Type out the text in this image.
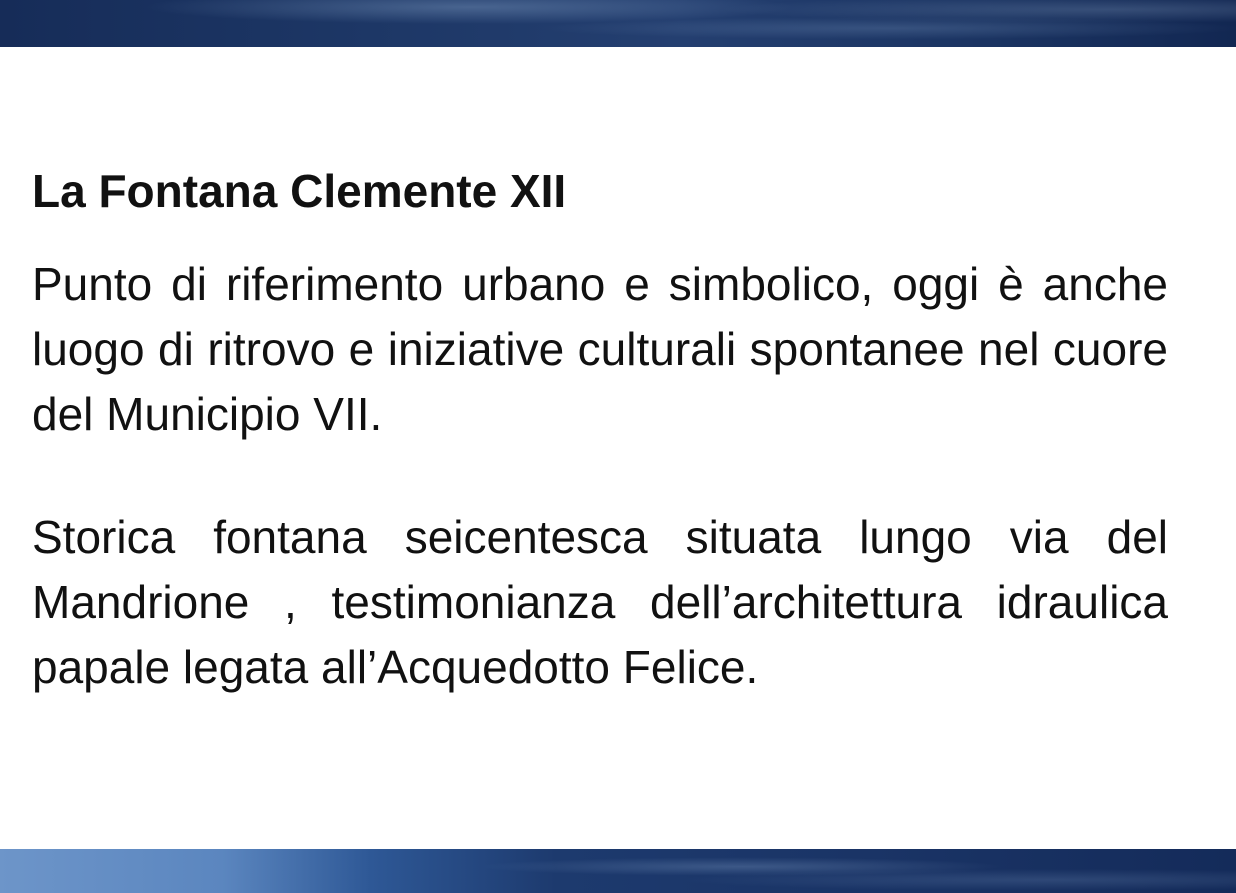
La Fontana Clemente XII

Punto di riferimento urbano e simbolico, oggi è anche luogo di ritrovo e iniziative culturali spontanee nel cuore del Municipio VII.

Storica fontana seicentesca situata lungo via del Mandrione , testimonianza dell’architettura idraulica papale legata all’Acquedotto Felice.
